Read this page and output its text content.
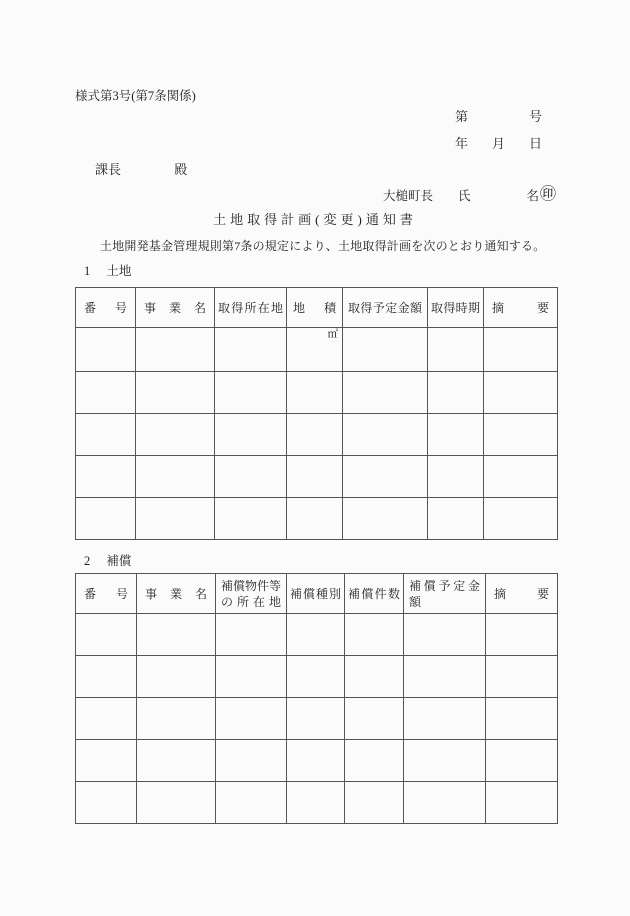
様式第3号(第7条関係)
第	号
年 月 日
課長	殿
大槌町長 氏	名 ㊞
土地取得計画(変更)通知書
土地開発基金管理規則第7条の規定により、土地取得計画を次のとおり通知する。
1 土地
番号	事業名	取得所在地	地積	取得予定金額	取得時期	摘要
			㎡			

2 補償
番号	事業名	補償物件等の所在地	補償種別	補償件数	補償予定金額	摘要
